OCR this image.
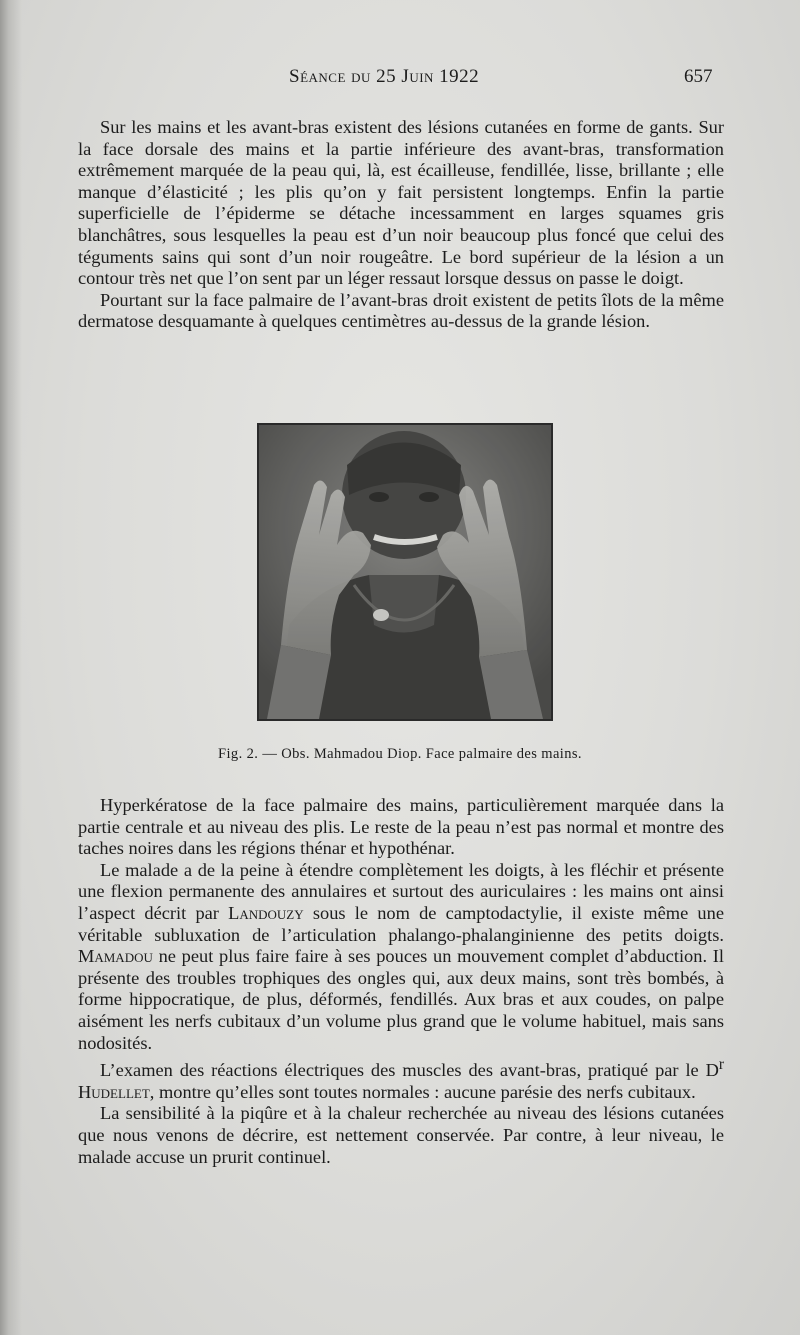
Séance du 25 Juin 1922	657

Sur les mains et les avant-bras existent des lésions cutanées en forme de gants. Sur la face dorsale des mains et la partie inférieure des avant-bras, transformation extrêmement marquée de la peau qui, là, est écailleuse, fendillée, lisse, brillante ; elle manque d’élasticité ; les plis qu’on y fait persistent longtemps. Enfin la partie superficielle de l’épiderme se détache incessamment en larges squames gris blanchâtres, sous lesquelles la peau est d’un noir beaucoup plus foncé que celui des téguments sains qui sont d’un noir rougeâtre. Le bord supérieur de la lésion a un contour très net que l’on sent par un léger ressaut lorsque dessus on passe le doigt.

Pourtant sur la face palmaire de l’avant-bras droit existent de petits îlots de la même dermatose desquamante à quelques centimètres au-dessus de la grande lésion.

Fig. 2. — Obs. Mahmadou Diop. Face palmaire des mains.

Hyperkératose de la face palmaire des mains, particulièrement marquée dans la partie centrale et au niveau des plis. Le reste de la peau n’est pas normal et montre des taches noires dans les régions thénar et hypothénar.

Le malade a de la peine à étendre complètement les doigts, à les fléchir et présente une flexion permanente des annulaires et surtout des auriculaires : les mains ont ainsi l’aspect décrit par Landouzy sous le nom de camptodactylie, il existe même une véritable subluxation de l’articulation phalango-phalanginienne des petits doigts. Mamadou ne peut plus faire faire à ses pouces un mouvement complet d’abduction. Il présente des troubles trophiques des ongles qui, aux deux mains, sont très bombés, à forme hippocratique, de plus, déformés, fendillés. Aux bras et aux coudes, on palpe aisément les nerfs cubitaux d’un volume plus grand que le volume habituel, mais sans nodosités.

L’examen des réactions électriques des muscles des avant-bras, pratiqué par le $D^r$ Hudellet, montre qu’elles sont toutes normales : aucune parésie des nerfs cubitaux.

La sensibilité à la piqûre et à la chaleur recherchée au niveau des lésions cutanées que nous venons de décrire, est nettement conservée. Par contre, à leur niveau, le malade accuse un prurit continuel.
